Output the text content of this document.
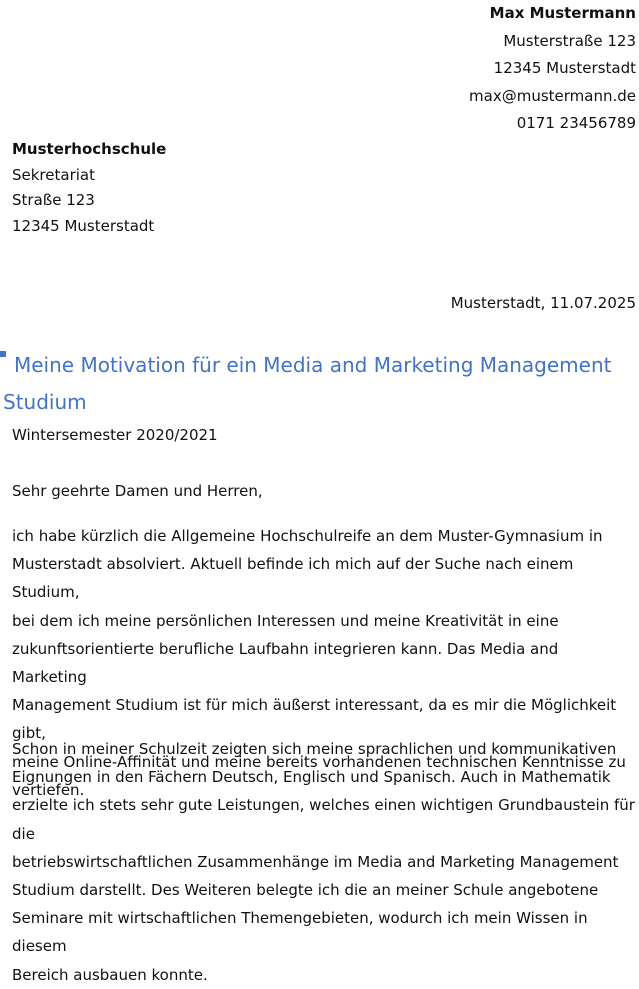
Max Mustermann
Musterstraße 123
12345 Musterstadt
max@mustermann.de
0171 23456789
Musterhochschule
Sekretariat
Straße 123
12345 Musterstadt
Musterstadt, 11.07.2025
Meine Motivation für ein Media and Marketing Management
Studium
Wintersemester 2020/2021
Sehr geehrte Damen und Herren,

ich habe kürzlich die Allgemeine Hochschulreife an dem Muster-Gymnasium in
Musterstadt absolviert. Aktuell befinde ich mich auf der Suche nach einem Studium,
bei dem ich meine persönlichen Interessen und meine Kreativität in eine
zukunftsorientierte berufliche Laufbahn integrieren kann. Das Media and Marketing
Management Studium ist für mich äußerst interessant, da es mir die Möglichkeit gibt,
meine Online-Affinität und meine bereits vorhandenen technischen Kenntnisse zu
vertiefen.

Schon in meiner Schulzeit zeigten sich meine sprachlichen und kommunikativen
Eignungen in den Fächern Deutsch, Englisch und Spanisch. Auch in Mathematik
erzielte ich stets sehr gute Leistungen, welches einen wichtigen Grundbaustein für die
betriebswirtschaftlichen Zusammenhänge im Media and Marketing Management
Studium darstellt. Des Weiteren belegte ich die an meiner Schule angebotene
Seminare mit wirtschaftlichen Themengebieten, wodurch ich mein Wissen in diesem
Bereich ausbauen konnte.
